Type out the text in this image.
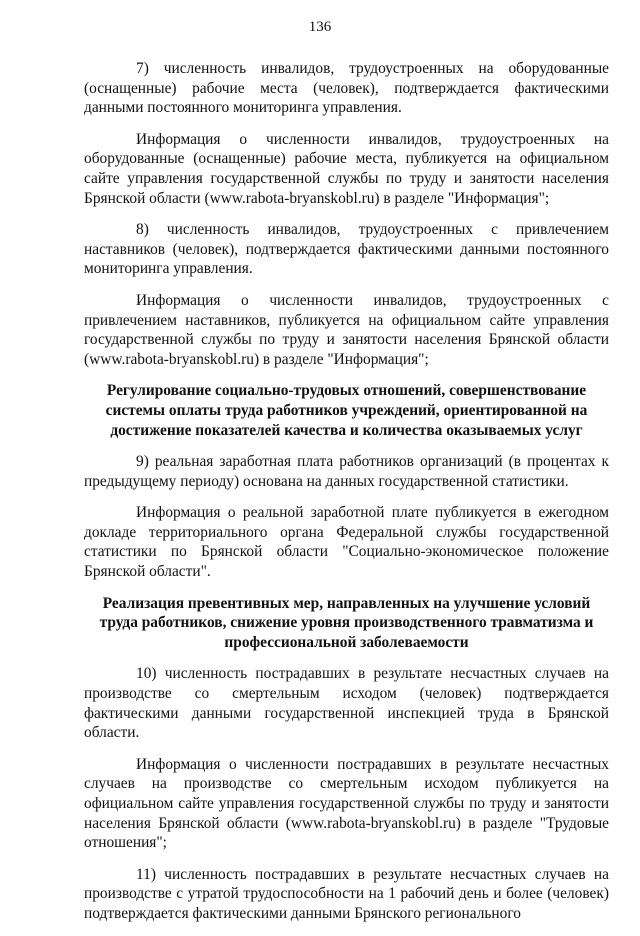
136

7) численность инвалидов, трудоустроенных на оборудованные (оснащенные) рабочие места (человек), подтверждается фактическими данными постоянного мониторинга управления.

Информация о численности инвалидов, трудоустроенных на оборудованные (оснащенные) рабочие места, публикуется на официальном сайте управления государственной службы по труду и занятости населения Брянской области (www.rabota-bryanskobl.ru) в разделе "Информация";

8) численность инвалидов, трудоустроенных с привлечением наставников (человек), подтверждается фактическими данными постоянного мониторинга управления.

Информация о численности инвалидов, трудоустроенных с привлечением наставников, публикуется на официальном сайте управления государственной службы по труду и занятости населения Брянской области (www.rabota-bryanskobl.ru) в разделе "Информация";

Регулирование социально-трудовых отношений, совершенствование системы оплаты труда работников учреждений, ориентированной на достижение показателей качества и количества оказываемых услуг

9) реальная заработная плата работников организаций (в процентах к предыдущему периоду) основана на данных государственной статистики.

Информация о реальной заработной плате публикуется в ежегодном докладе территориального органа Федеральной службы государственной статистики по Брянской области "Социально-экономическое положение Брянской области".

Реализация превентивных мер, направленных на улучшение условий труда работников, снижение уровня производственного травматизма и профессиональной заболеваемости

10) численность пострадавших в результате несчастных случаев на производстве со смертельным исходом (человек) подтверждается фактическими данными государственной инспекцией труда в Брянской области.

Информация о численности пострадавших в результате несчастных случаев на производстве со смертельным исходом публикуется на официальном сайте управления государственной службы по труду и занятости населения Брянской области (www.rabota-bryanskobl.ru) в разделе "Трудовые отношения";

11) численность пострадавших в результате несчастных случаев на производстве с утратой трудоспособности на 1 рабочий день и более (человек) подтверждается фактическими данными Брянского регионального
